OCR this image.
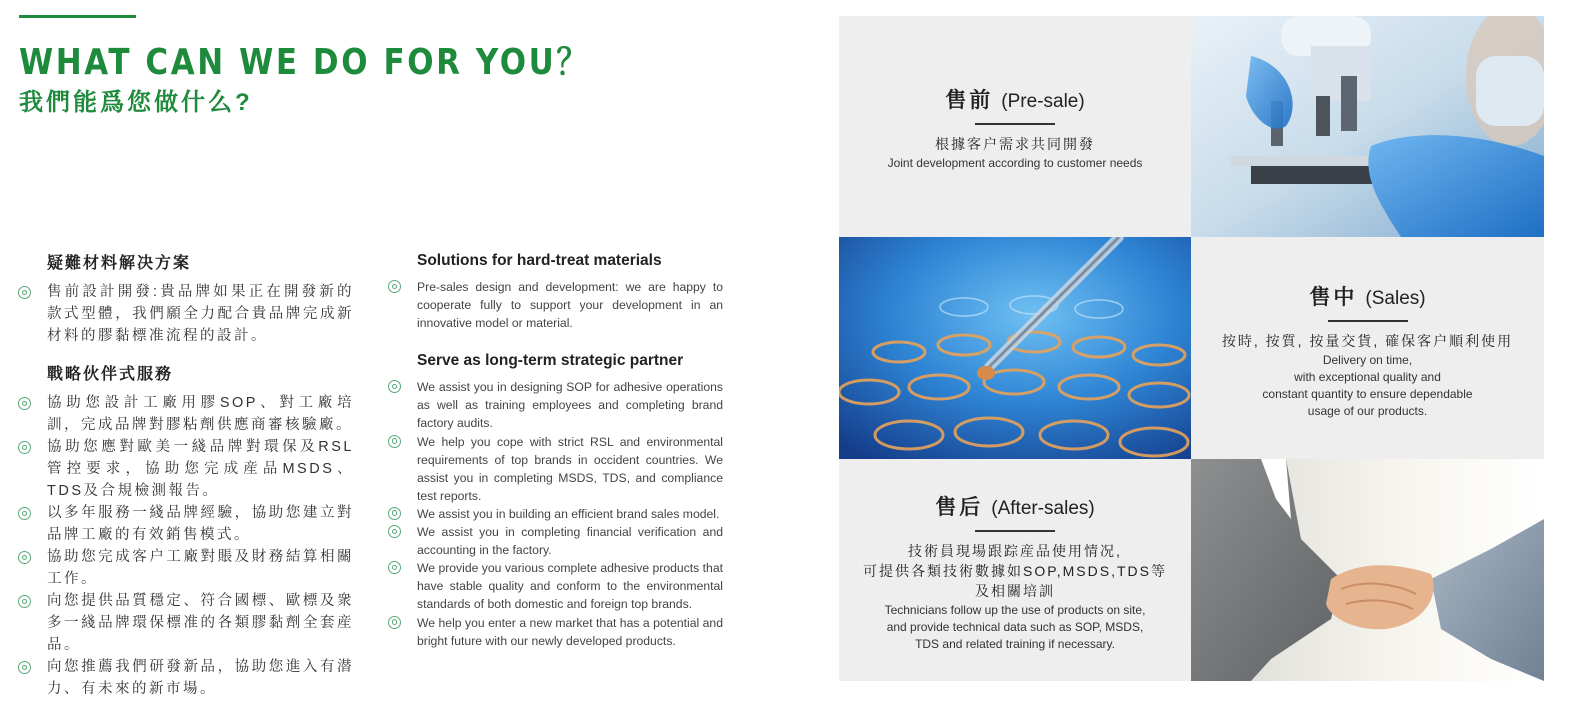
WHAT CAN WE DO FOR YOU？
我們能爲您做什么?
疑難材料解决方案
售前設計開發:貴品牌如果正在開發新的款式型體，我們願全力配合貴品牌完成新材料的膠黏標准流程的設計。
戰略伙伴式服務
協助您設計工廠用膠SOP、對工廠培訓，完成品牌對膠粘劑供應商審核驗廠。
協助您應對歐美一綫品牌對環保及RSL管控要求，協助您完成産品MSDS、TDS及合規檢測報告。
以多年服務一綫品牌經驗，協助您建立對品牌工廠的有效銷售模式。
協助您完成客户工廠對賬及財務結算相關工作。
向您提供品質穩定、符合國標、歐標及衆多一綫品牌環保標准的各類膠黏劑全套産品。
向您推薦我們研發新品，協助您進入有潜力、有未來的新市場。
Solutions for hard-treat materials
Pre-sales design and development: we are happy to cooperate fully to support your development in an innovative model or material.
Serve as long-term strategic partner
We assist you in designing SOP for adhesive operations as well as training employees and completing brand factory audits.
We help you cope with strict RSL and environmental requirements of top brands in occident countries. We assist you in completing MSDS, TDS, and compliance test reports.
We assist you in building an efficient brand sales model.
We assist you in completing financial verification and accounting in the factory.
We provide you various complete adhesive products that have stable quality and conform to the environmental standards of both domestic and foreign top brands.
We help you enter a new market that has a potential and bright future with our newly developed products.
售前 (Pre-sale)
根據客户需求共同開發
Joint development according to customer needs
售中 (Sales)
按時, 按質, 按量交貨, 確保客户順利使用
Delivery on time,
with exceptional quality and
constant quantity to ensure dependable
usage of our products.
售后 (After-sales)
技術員現場跟踪産品使用情况,
可提供各類技術數據如SOP,MSDS,TDS等
及相關培訓
Technicians follow up the use of products on site,
and provide technical data such as SOP, MSDS,
TDS and related training if necessary.
